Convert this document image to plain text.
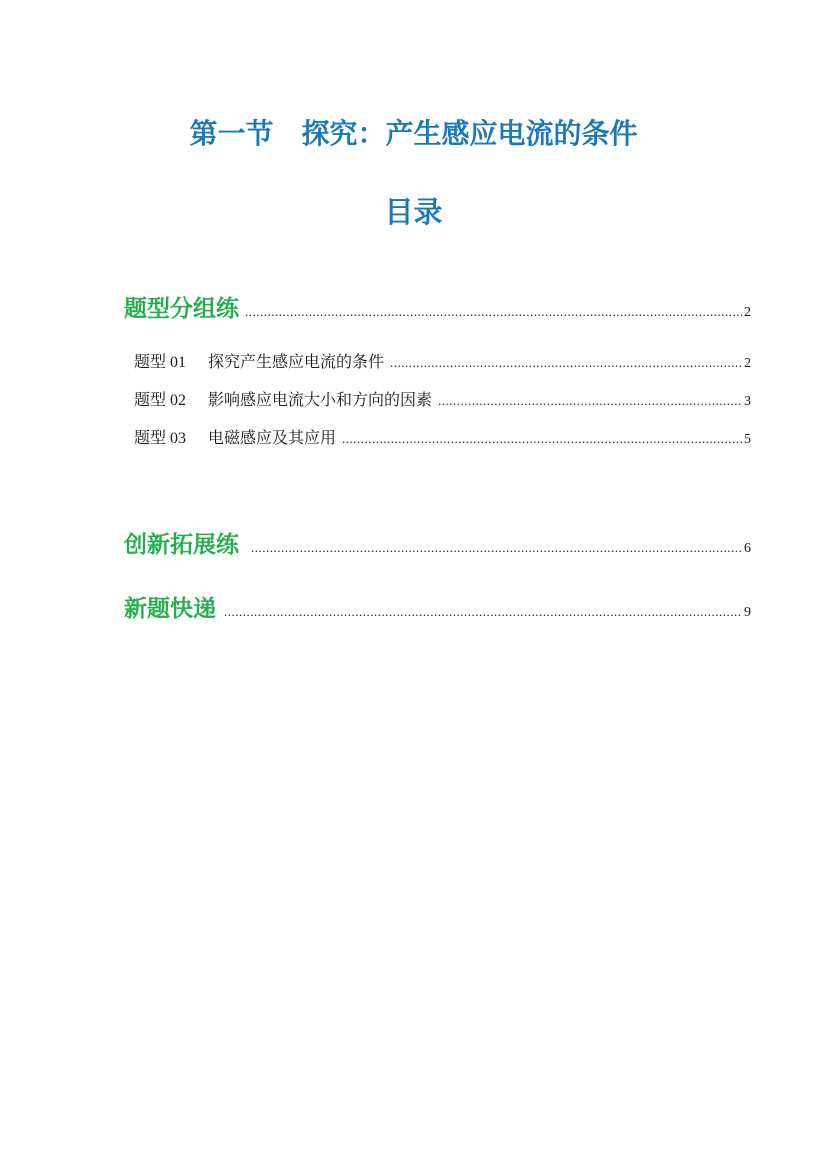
第一节　探究：产生感应电流的条件
目录
题型分组练 .....	2
题型 01 探究产生感应电流的条件 .....	2
题型 02 影响感应电流大小和方向的因素 .....	3
题型 03 电磁感应及其应用 .....	5
创新拓展练 .....	6
新题快递 .....	9
